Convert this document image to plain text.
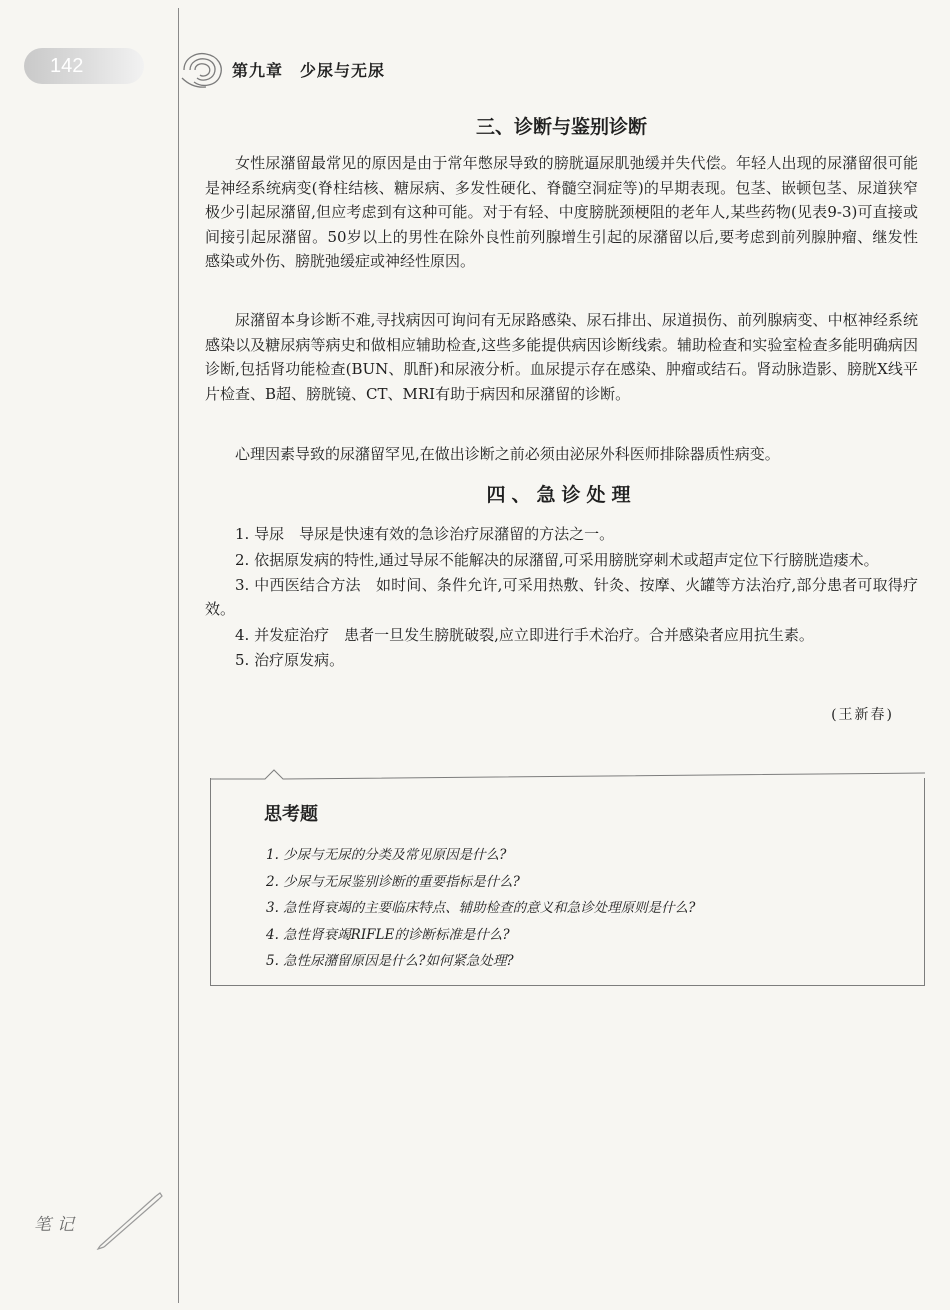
142	第九章　少尿与无尿
三、诊断与鉴别诊断

女性尿潴留最常见的原因是由于常年憋尿导致的膀胱逼尿肌弛缓并失代偿。年轻人出现的尿潴留很可能是神经系统病变(脊柱结核、糖尿病、多发性硬化、脊髓空洞症等)的早期表现。包茎、嵌顿包茎、尿道狭窄极少引起尿潴留,但应考虑到有这种可能。对于有轻、中度膀胱颈梗阻的老年人,某些药物(见表9-3)可直接或间接引起尿潴留。50岁以上的男性在除外良性前列腺增生引起的尿潴留以后,要考虑到前列腺肿瘤、继发性感染或外伤、膀胱弛缓症或神经性原因。

尿潴留本身诊断不难,寻找病因可询问有无尿路感染、尿石排出、尿道损伤、前列腺病变、中枢神经系统感染以及糖尿病等病史和做相应辅助检查,这些多能提供病因诊断线索。辅助检查和实验室检查多能明确病因诊断,包括肾功能检查(BUN、肌酐)和尿液分析。血尿提示存在感染、肿瘤或结石。肾动脉造影、膀胱X线平片检查、B超、膀胱镜、CT、MRI有助于病因和尿潴留的诊断。

心理因素导致的尿潴留罕见,在做出诊断之前必须由泌尿外科医师排除器质性病变。

四、急诊处理

1. 导尿　导尿是快速有效的急诊治疗尿潴留的方法之一。

2. 依据原发病的特性,通过导尿不能解决的尿潴留,可采用膀胱穿刺术或超声定位下行膀胱造瘘术。

3. 中西医结合方法　如时间、条件允许,可采用热敷、针灸、按摩、火罐等方法治疗,部分患者可取得疗效。

4. 并发症治疗　患者一旦发生膀胱破裂,应立即进行手术治疗。合并感染者应用抗生素。

5. 治疗原发病。

(王新春)
思考题
1. 少尿与无尿的分类及常见原因是什么?
2. 少尿与无尿鉴别诊断的重要指标是什么?
3. 急性肾衰竭的主要临床特点、辅助检查的意义和急诊处理原则是什么?
4. 急性肾衰竭RIFLE的诊断标准是什么?
5. 急性尿潴留原因是什么?如何紧急处理?
笔记
